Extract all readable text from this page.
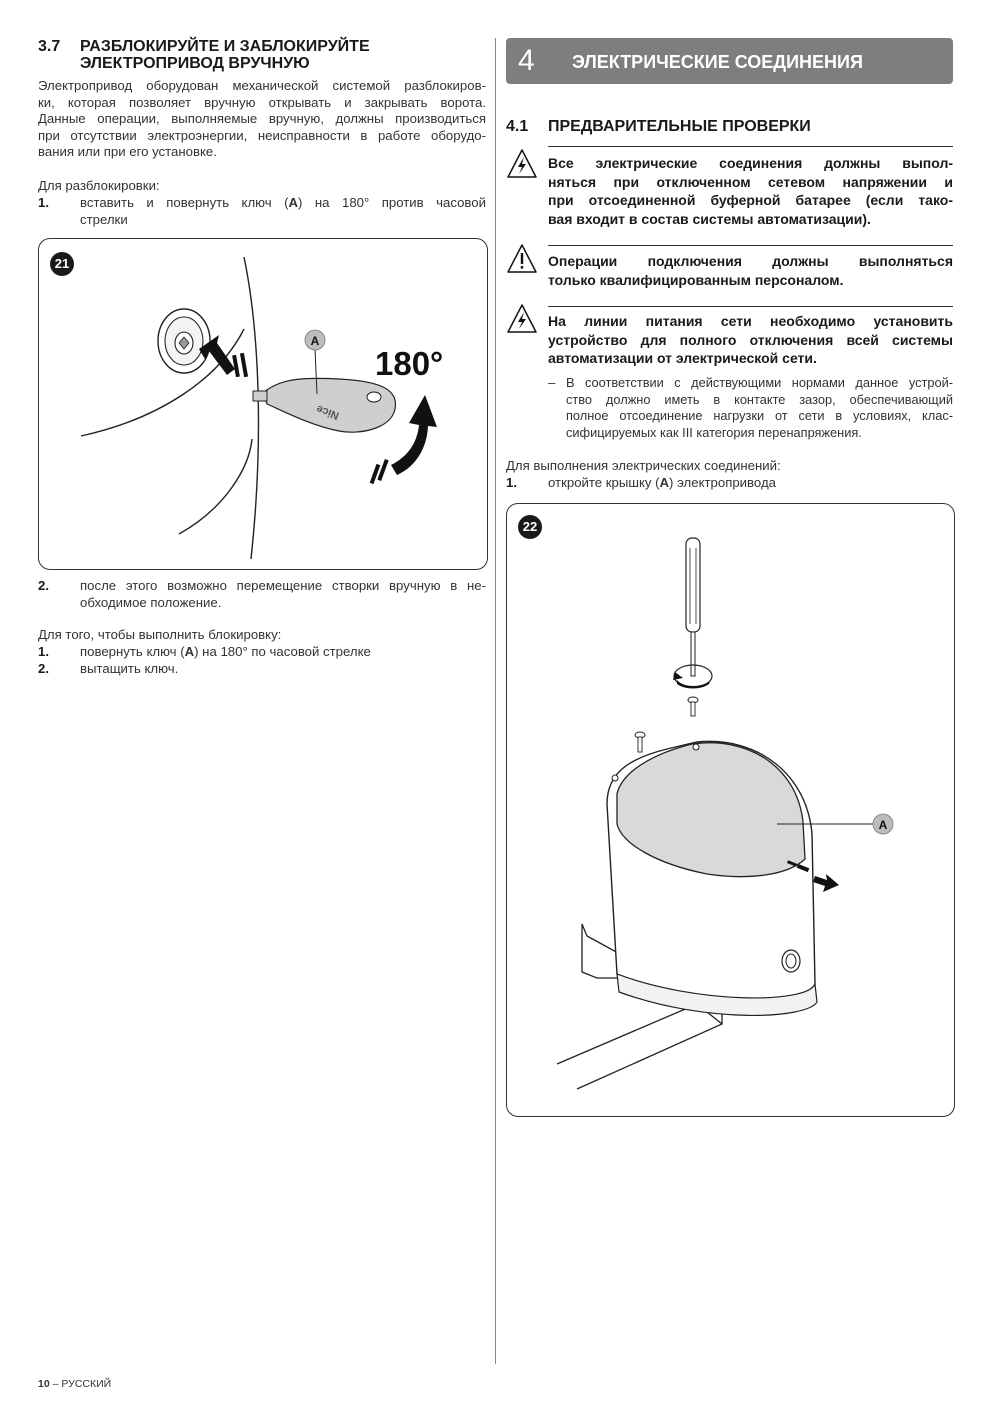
3.7 РАЗБЛОКИРУЙТЕ И ЗАБЛОКИРУЙТЕ
ЭЛЕКТРОПРИВОД ВРУЧНУЮ
Электропривод оборудован механической системой разблокиров-
ки, которая позволяет вручную открывать и закрывать ворота.
Данные операции, выполняемые вручную, должны производиться
при отсутствии электроэнергии, неисправности в работе оборудо-
вания или при его установке.
Для разблокировки:
1. вставить и повернуть ключ (A) на 180° против часовой
стрелки
21
Nice
A
180°
2. после этого возможно перемещение створки вручную в не-
обходимое положение.
Для того, чтобы выполнить блокировку:
1. повернуть ключ (A) на 180° по часовой стрелке
2. вытащить ключ.
4 ЭЛЕКТРИЧЕСКИЕ СОЕДИНЕНИЯ
4.1 ПРЕДВАРИТЕЛЬНЫЕ ПРОВЕРКИ
Все электрические соединения должны выпол-
няться при отключенном сетевом напряжении и
при отсоединенной буферной батарее (если тако-
вая входит в состав системы автоматизации).
Операции подключения должны выполняться
только квалифицированным персоналом.
На линии питания сети необходимо установить
устройство для полного отключения всей системы
автоматизации от электрической сети.
– В соответствии с действующими нормами данное устрой-
ство должно иметь в контакте зазор, обеспечивающий
полное отсоединение нагрузки от сети в условиях, клас-
сифицируемых как III категория перенапряжения.
Для выполнения электрических соединений:
1. откройте крышку (A) электропривода
22
A
10 – РУССКИЙ
